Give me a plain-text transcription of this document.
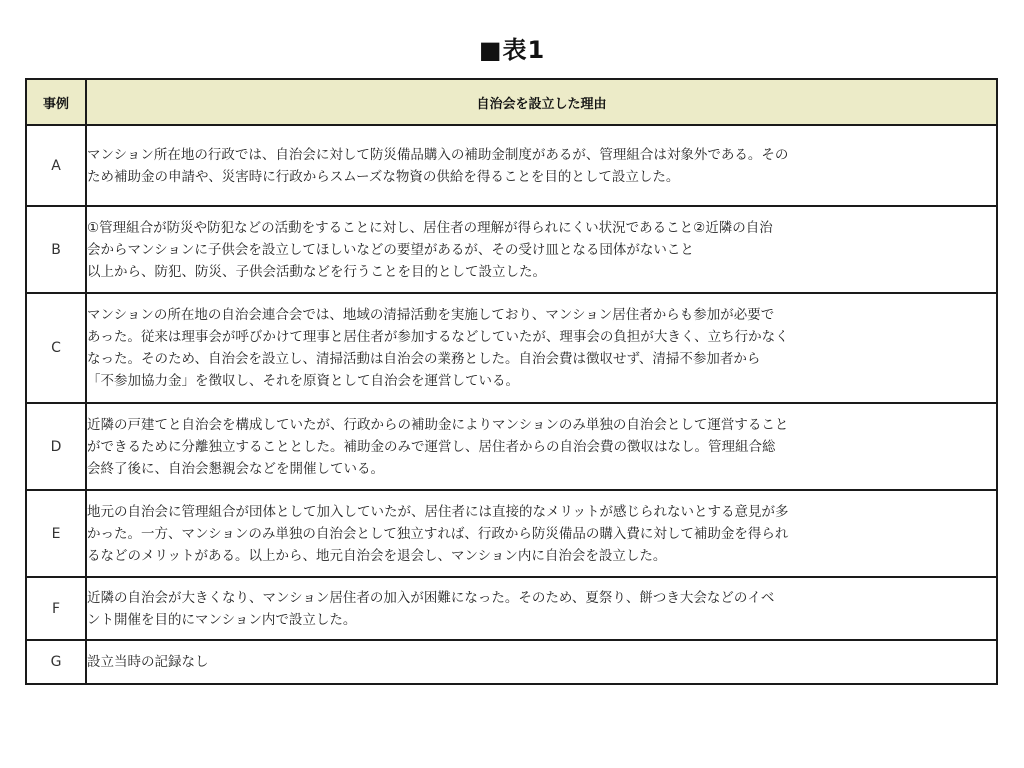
■表1
事例	自治会を設立した理由
A	マンション所在地の行政では、自治会に対して防災備品購入の補助金制度があるが、管理組合は対象外である。その
ため補助金の申請や、災害時に行政からスムーズな物資の供給を得ることを目的として設立した。

B	①管理組合が防災や防犯などの活動をすることに対し、居住者の理解が得られにくい状況であること②近隣の自治
会からマンションに子供会を設立してほしいなどの要望があるが、その受け皿となる団体がないこと
以上から、防犯、防災、子供会活動などを行うことを目的として設立した。

C	マンションの所在地の自治会連合会では、地域の清掃活動を実施しており、マンション居住者からも参加が必要で
あった。従来は理事会が呼びかけて理事と居住者が参加するなどしていたが、理事会の負担が大きく、立ち行かなく
なった。そのため、自治会を設立し、清掃活動は自治会の業務とした。自治会費は徴収せず、清掃不参加者から
「不参加協力金」を徴収し、それを原資として自治会を運営している。

D	近隣の戸建てと自治会を構成していたが、行政からの補助金によりマンションのみ単独の自治会として運営すること
ができるために分離独立することとした。補助金のみで運営し、居住者からの自治会費の徴収はなし。管理組合総
会終了後に、自治会懇親会などを開催している。

E	地元の自治会に管理組合が団体として加入していたが、居住者には直接的なメリットが感じられないとする意見が多
かった。一方、マンションのみ単独の自治会として独立すれば、行政から防災備品の購入費に対して補助金を得られ
るなどのメリットがある。以上から、地元自治会を退会し、マンション内に自治会を設立した。

F	近隣の自治会が大きくなり、マンション居住者の加入が困難になった。そのため、夏祭り、餅つき大会などのイベ
ント開催を目的にマンション内で設立した。

G	設立当時の記録なし
